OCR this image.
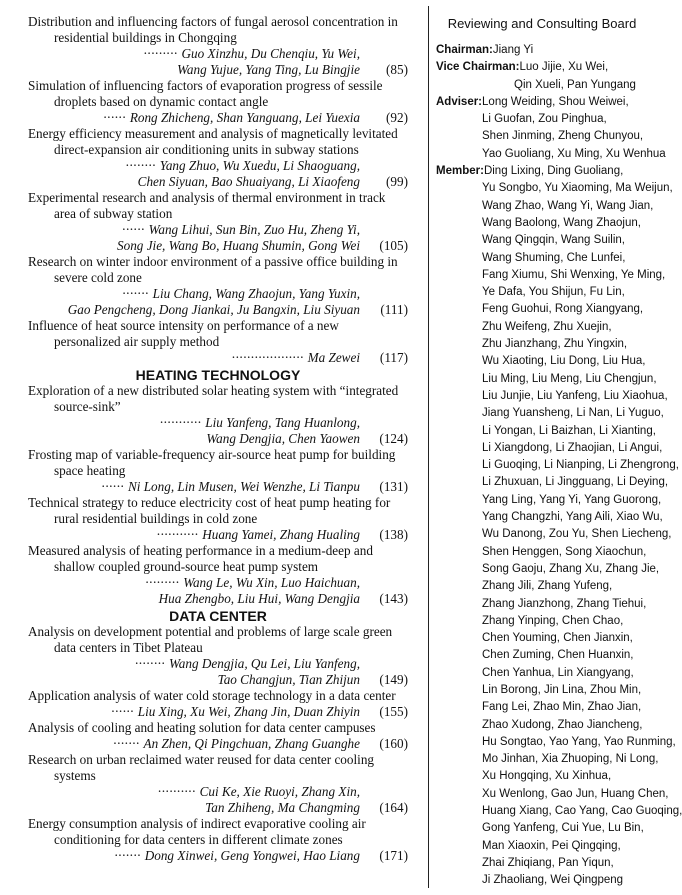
Distribution and influencing factors of fungal aerosol concentration in residential buildings in Chongqing
········· Guo Xinzhu, Du Chenqiu, Yu Wei,
Wang Yujue, Yang Ting, Lu Bingjie (85)
Simulation of influencing factors of evaporation progress of sessile droplets based on dynamic contact angle
······ Rong Zhicheng, Shan Yanguang, Lei Yuexia (92)
Energy efficiency measurement and analysis of magnetically levitated direct-expansion air conditioning units in subway stations
········ Yang Zhuo, Wu Xuedu, Li Shaoguang,
Chen Siyuan, Bao Shuaiyang, Li Xiaofeng (99)
Experimental research and analysis of thermal environment in track area of subway station
······ Wang Lihui, Sun Bin, Zuo Hu, Zheng Yi,
Song Jie, Wang Bo, Huang Shumin, Gong Wei (105)
Research on winter indoor environment of a passive office building in severe cold zone
······· Liu Chang, Wang Zhaojun, Yang Yuxin,
Gao Pengcheng, Dong Jiankai, Ju Bangxin, Liu Siyuan (111)
Influence of heat source intensity on performance of a new personalized air supply method
··················· Ma Zewei (117)
HEATING TECHNOLOGY
Exploration of a new distributed solar heating system with “integrated source-sink”
··········· Liu Yanfeng, Tang Huanlong,
Wang Dengjia, Chen Yaowen (124)
Frosting map of variable-frequency air-source heat pump for building space heating
······ Ni Long, Lin Musen, Wei Wenzhe, Li Tianpu (131)
Technical strategy to reduce electricity cost of heat pump heating for rural residential buildings in cold zone
··········· Huang Yamei, Zhang Hualing (138)
Measured analysis of heating performance in a medium-deep and shallow coupled ground-source heat pump system
········· Wang Le, Wu Xin, Luo Haichuan,
Hua Zhengbo, Liu Hui, Wang Dengjia (143)
DATA CENTER
Analysis on development potential and problems of large scale green data centers in Tibet Plateau
········ Wang Dengjia, Qu Lei, Liu Yanfeng,
Tao Changjun, Tian Zhijun (149)
Application analysis of water cold storage technology in a data center
······ Liu Xing, Xu Wei, Zhang Jin, Duan Zhiyin (155)
Analysis of cooling and heating solution for data center campuses
······· An Zhen, Qi Pingchuan, Zhang Guanghe (160)
Research on urban reclaimed water reused for data center cooling systems
·········· Cui Ke, Xie Ruoyi, Zhang Xin,
Tan Zhiheng, Ma Changming (164)
Energy consumption analysis of indirect evaporative cooling air conditioning for data centers in different climate zones
······· Dong Xinwei, Geng Yongwei, Hao Liang (171)
Reviewing and Consulting Board
Chairman:Jiang Yi
Vice Chairman:Luo Jijie, Xu Wei,
Qin Xueli, Pan Yungang
Adviser:Long Weiding, Shou Weiwei,
Li Guofan, Zou Pinghua,
Shen Jinming, Zheng Chunyou,
Yao Guoliang, Xu Ming, Xu Wenhua
Member:Ding Lixing, Ding Guoliang,
Yu Songbo, Yu Xiaoming, Ma Weijun,
Wang Zhao, Wang Yi, Wang Jian,
Wang Baolong, Wang Zhaojun,
Wang Qingqin, Wang Suilin,
Wang Shuming, Che Lunfei,
Fang Xiumu, Shi Wenxing, Ye Ming,
Ye Dafa, You Shijun, Fu Lin,
Feng Guohui, Rong Xiangyang,
Zhu Weifeng, Zhu Xuejin,
Zhu Jianzhang, Zhu Yingxin,
Wu Xiaoting, Liu Dong, Liu Hua,
Liu Ming, Liu Meng, Liu Chengjun,
Liu Junjie, Liu Yanfeng, Liu Xiaohua,
Jiang Yuansheng, Li Nan, Li Yuguo,
Li Yongan, Li Baizhan, Li Xianting,
Li Xiangdong, Li Zhaojian, Li Angui,
Li Guoqing, Li Nianping, Li Zhengrong,
Li Zhuxuan, Li Jingguang, Li Deying,
Yang Ling, Yang Yi, Yang Guorong,
Yang Changzhi, Yang Aili, Xiao Wu,
Wu Danong, Zou Yu, Shen Liecheng,
Shen Henggen, Song Xiaochun,
Song Gaoju, Zhang Xu, Zhang Jie,
Zhang Jili, Zhang Yufeng,
Zhang Jianzhong, Zhang Tiehui,
Zhang Yinping, Chen Chao,
Chen Youming, Chen Jianxin,
Chen Zuming, Chen Huanxin,
Chen Yanhua, Lin Xiangyang,
Lin Borong, Jin Lina, Zhou Min,
Fang Lei, Zhao Min, Zhao Jian,
Zhao Xudong, Zhao Jiancheng,
Hu Songtao, Yao Yang, Yao Runming,
Mo Jinhan, Xia Zhuoping, Ni Long,
Xu Hongqing, Xu Xinhua,
Xu Wenlong, Gao Jun, Huang Chen,
Huang Xiang, Cao Yang, Cao Guoqing,
Gong Yanfeng, Cui Yue, Lu Bin,
Man Xiaoxin, Pei Qingqing,
Zhai Zhiqiang, Pan Yiqun,
Ji Zhaoliang, Wei Qingpeng
